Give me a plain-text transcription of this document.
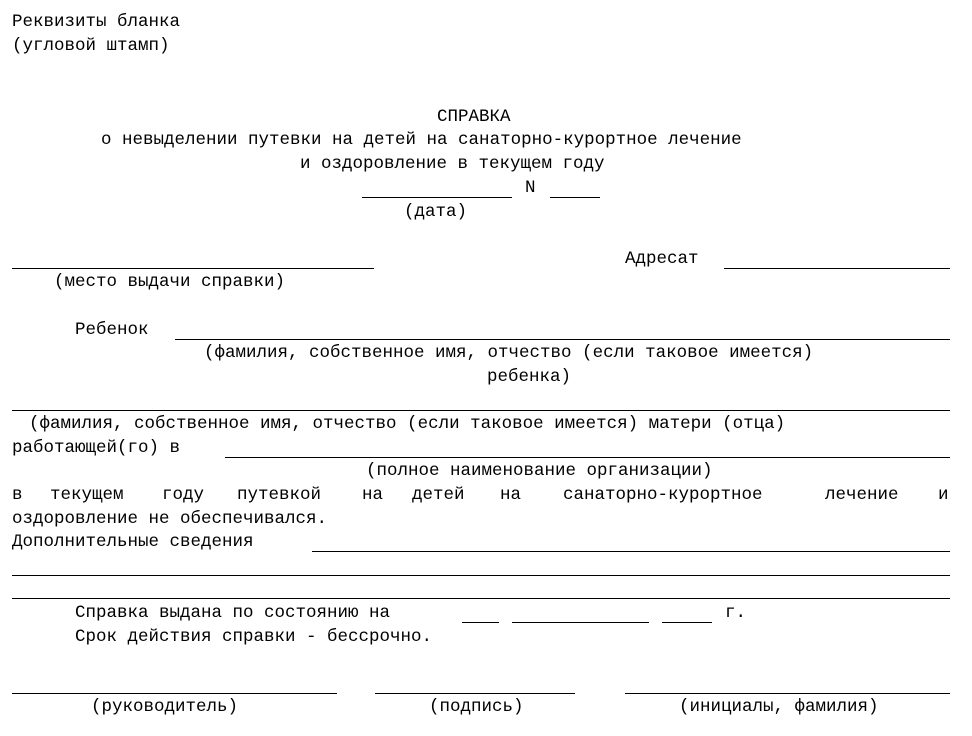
Реквизиты бланка
(угловой штамп)
СПРАВКА
о невыделении путевки на детей на санаторно-курортное лечение
и оздоровление в текущем году
N
(дата)
(место выдачи справки)
Адресат
Ребенок
(фамилия, собственное имя, отчество (если таковое имеется)
ребенка)
(фамилия, собственное имя, отчество (если таковое имеется) матери (отца)
работающей(го) в
(полное наименование организации)
в текущем году путевкой на детей на санаторно-курортное	лечение и
оздоровление не обеспечивался.
Дополнительные сведения
Справка выдана по состоянию на	г.
Срок действия справки - бессрочно.
(руководитель)	(подпись)	(инициалы, фамилия)
